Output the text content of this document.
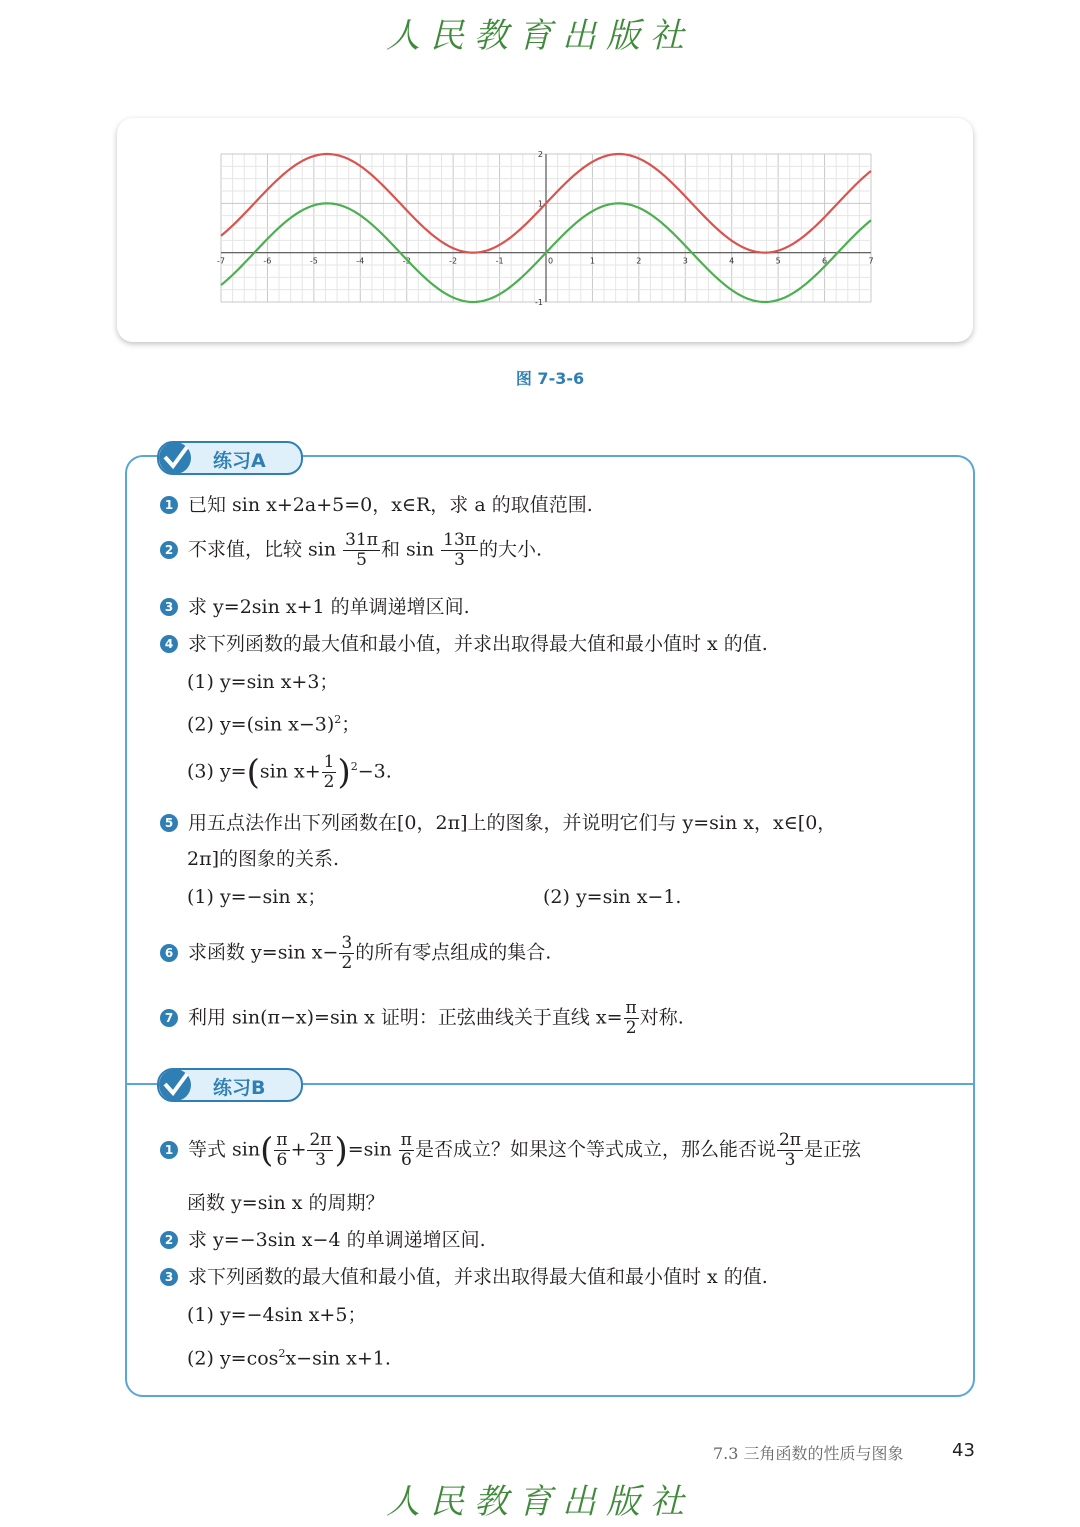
人民教育出版社
-7	-6	-5	-4	-3	-2	-1	1	2	3	4	5	6	7
0
-1
1
2
图 7-3-6
练习A
1 已知 sin x+2a+5=0，x∈R，求 a 的取值范围.
2 不求值，比较 $\sin \frac{31\pi}{5}$ 和 $\sin \frac{13\pi}{3}$ 的大小.
3 求 y=2sin x+1 的单调递增区间.
4 求下列函数的最大值和最小值，并求出取得最大值和最小值时 x 的值.
(1) y=sin x+3；
(2) y=(sin x−3)$^2$；
(3) y=(sin $x+ \frac{1}{2} )^2-3$.
5 用五点法作出下列函数在[0，2π]上的图象，并说明它们与 y=sin x，x∈[0，
2π]的图象的关系.
(1) y=−sin x；	(2) y=sin x−1.
6 求函数 y=sin $x- \frac{3}{2}$ 的所有零点组成的集合.
7 利用 sin(π−x)=sin x 证明：正弦曲线关于直线 $x= \frac{\pi}{2}$ 对称.
练习B
1 等式 $\sin( \frac{\pi}{6} + \frac{2\pi}{3} )=\sin \frac{\pi}{6}$ 是否成立？如果这个等式成立，那么能否说 $\frac{2\pi}{3}$ 是正弦
函数 y=sin x 的周期？
2 求 y=−3sin x−4 的单调递增区间.
3 求下列函数的最大值和最小值，并求出取得最大值和最小值时 x 的值.
(1) y=−4sin x+5；
(2) $y=\cos^2x-\sin$ x+1.
7.3 三角函数的性质与图象	43
人民教育出版社
